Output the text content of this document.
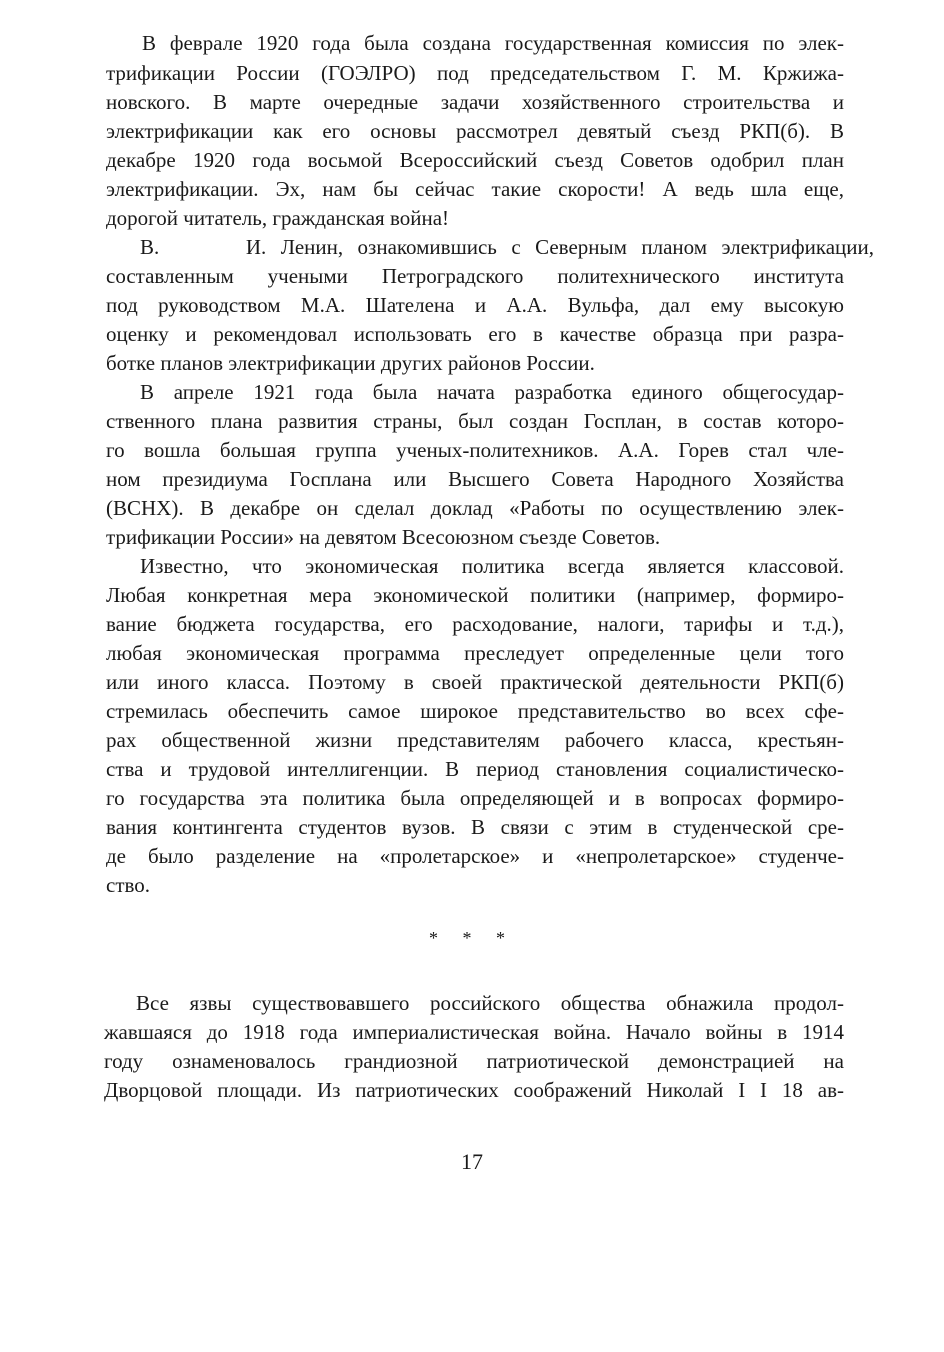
В феврале 1920 года была создана государственная комиссия по элек-
трификации России (ГОЭЛРО) под председательством Г. М. Кржижа-
новского. В марте очередные задачи хозяйственного строительства и
электрификации как его основы рассмотрел девятый съезд РКП(б). В
декабре 1920 года восьмой Всероссийский съезд Советов одобрил план
электрификации. Эх, нам бы сейчас такие скорости! А ведь шла еще,
дорогой читатель, гражданская война!
В.      И. Ленин, ознакомившись с Северным планом электрификации,
составленным учеными Петроградского политехнического института
под руководством М.А. Шателена и А.А. Вульфа, дал ему высокую
оценку и рекомендовал использовать его в качестве образца при разра-
ботке планов электрификации других районов России.
В апреле 1921 года была начата разработка единого общегосудар-
ственного плана развития страны, был создан Госплан, в состав которо-
го вошла большая группа ученых-политехников. А.А. Горев стал чле-
ном президиума Госплана или Высшего Совета Народного Хозяйства
(ВСНХ). В декабре он сделал доклад «Работы по осуществлению элек-
трификации России» на девятом Всесоюзном съезде Советов.
Известно, что экономическая политика всегда является классовой.
Любая конкретная мера экономической политики (например, формиро-
вание бюджета государства, его расходование, налоги, тарифы и т.д.),
любая экономическая программа преследует определенные цели того
или иного класса. Поэтому в своей практической деятельности РКП(б)
стремилась обеспечить самое широкое представительство во всех сфе-
рах общественной жизни представителям рабочего класса, крестьян-
ства и трудовой интеллигенции. В период становления социалистическо-
го государства эта политика была определяющей и в вопросах формиро-
вания контингента студентов вузов. В связи с этим в студенческой сре-
де было разделение на «пролетарское» и «непролетарское» студенче-
ство.
* * *
Все язвы существовавшего российского общества обнажила продол-
жавшаяся до 1918 года империалистическая война. Начало войны в 1914
году ознаменовалось грандиозной патриотической демонстрацией на
Дворцовой площади. Из патриотических соображений Николай I I 18 ав-
17
